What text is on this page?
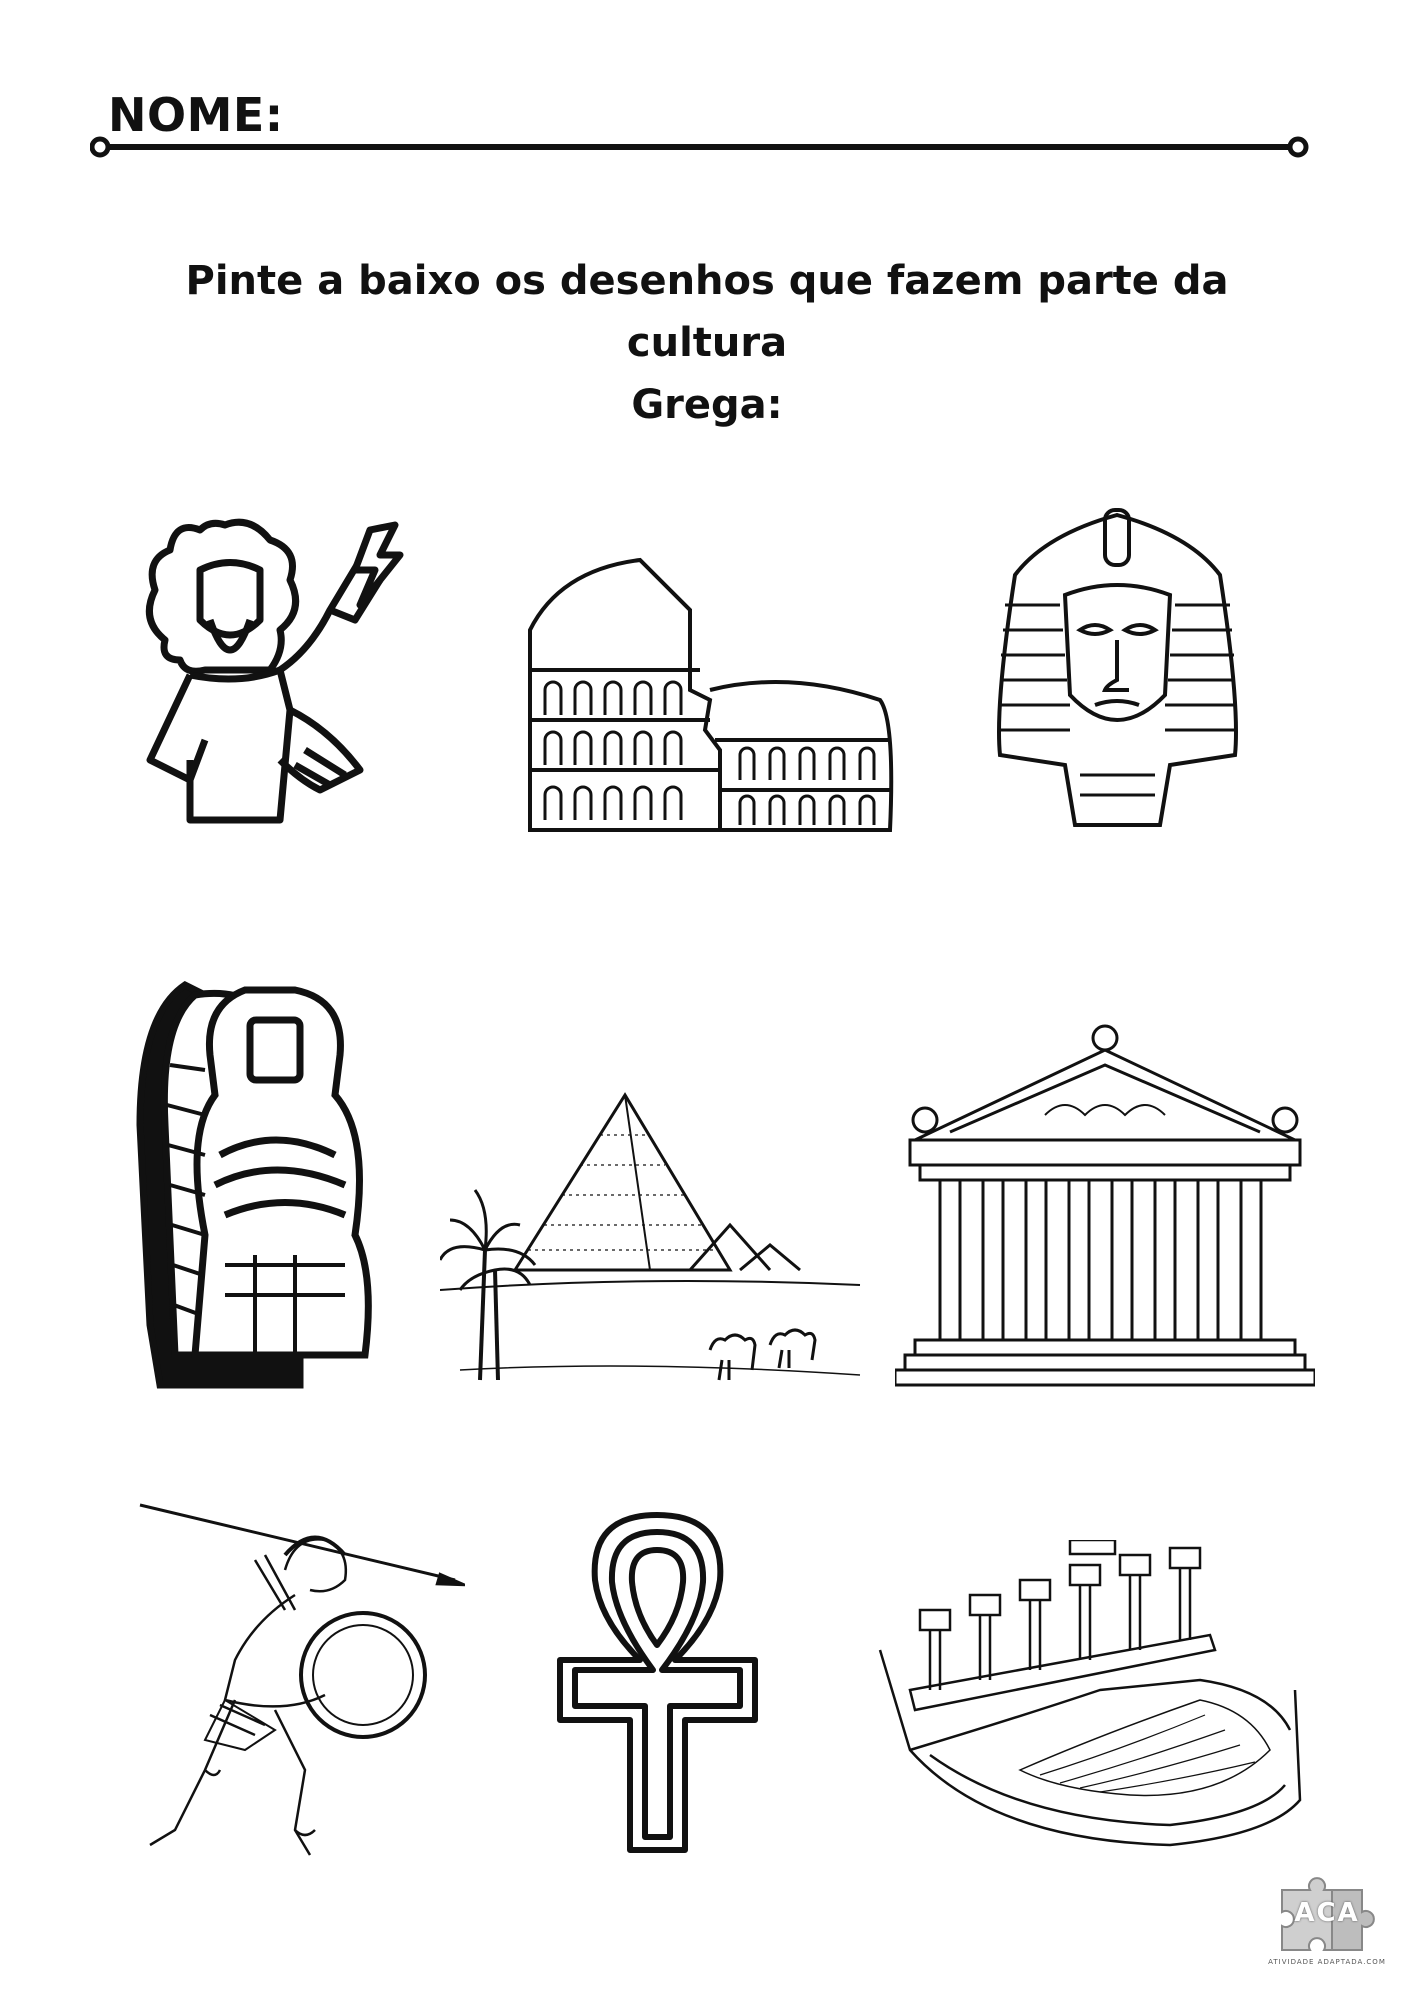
NOME:
Pinte a baixo os desenhos que fazem parte da cultura
Grega:
ACA
ATIVIDADE ADAPTADA.COM
